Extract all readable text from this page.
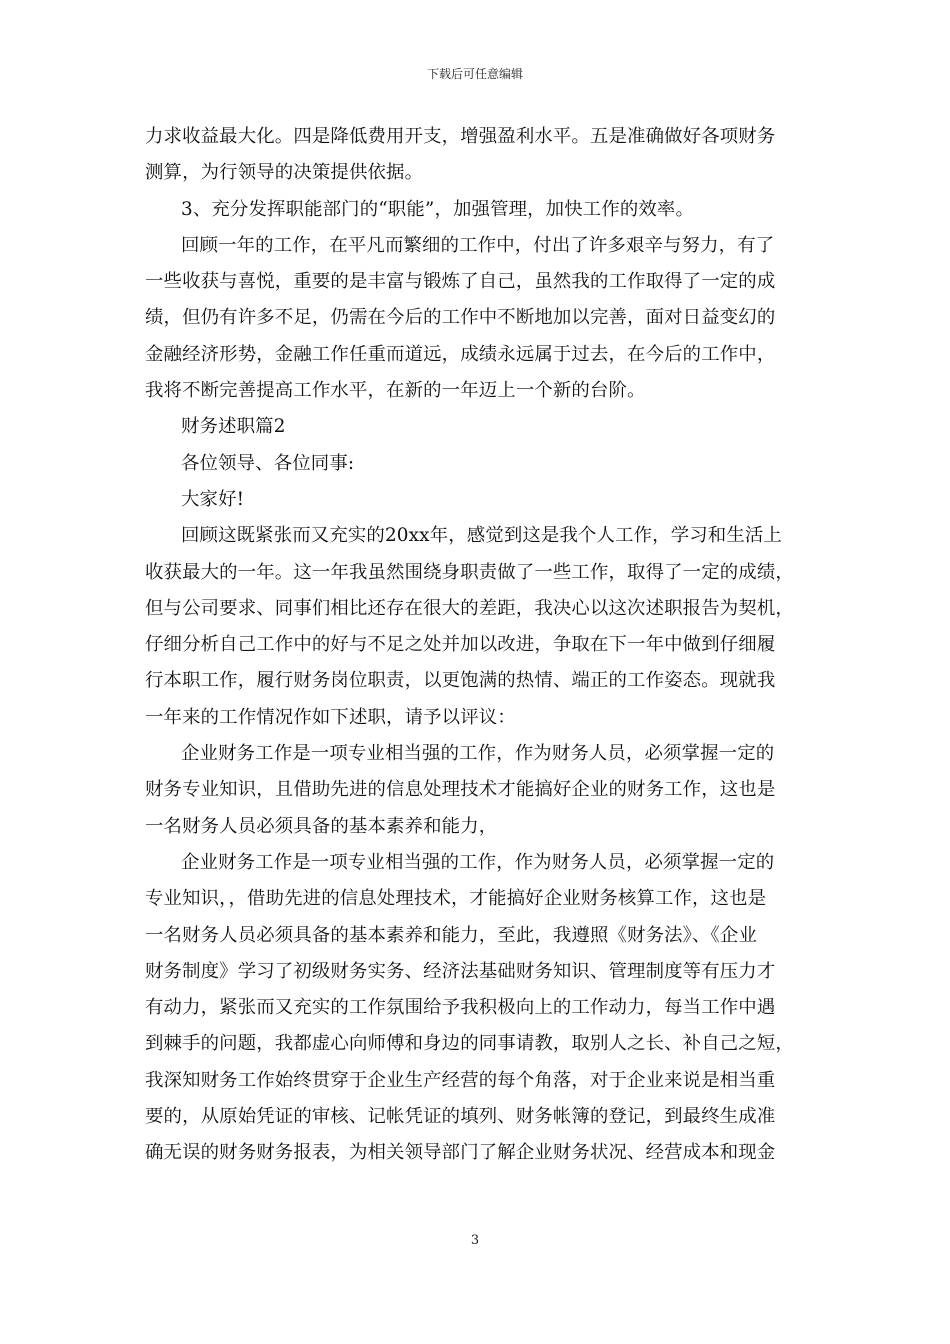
下载后可任意编辑
力求收益最大化。四是降低费用开支，增强盈利水平。五是准确做好各项财务
测算，为行领导的决策提供依据。
3、充分发挥职能部门的“职能”，加强管理，加快工作的效率。
回顾一年的工作，在平凡而繁细的工作中，付出了许多艰辛与努力，有了
一些收获与喜悦，重要的是丰富与锻炼了自己，虽然我的工作取得了一定的成
绩，但仍有许多不足，仍需在今后的工作中不断地加以完善，面对日益变幻的
金融经济形势，金融工作任重而道远，成绩永远属于过去，在今后的工作中，
我将不断完善提高工作水平，在新的一年迈上一个新的台阶。
财务述职篇2
各位领导、各位同事:
大家好!
回顾这既紧张而又充实的20xx年，感觉到这是我个人工作，学习和生活上
收获最大的一年。这一年我虽然围绕身职责做了一些工作，取得了一定的成绩，
但与公司要求、同事们相比还存在很大的差距，我决心以这次述职报告为契机，
仔细分析自己工作中的好与不足之处并加以改进，争取在下一年中做到仔细履
行本职工作，履行财务岗位职责，以更饱满的热情、端正的工作姿态。现就我
一年来的工作情况作如下述职，请予以评议：
企业财务工作是一项专业相当强的工作，作为财务人员，必须掌握一定的
财务专业知识，且借助先进的信息处理技术才能搞好企业的财务工作，这也是
一名财务人员必须具备的基本素养和能力，
企业财务工作是一项专业相当强的工作，作为财务人员，必须掌握一定的
专业知识，，借助先进的信息处理技术，才能搞好企业财务核算工作，这也是
一名财务人员必须具备的基本素养和能力，至此，我遵照《财务法》、《企业
财务制度》学习了初级财务实务、经济法基础财务知识、管理制度等有压力才
有动力，紧张而又充实的工作氛围给予我积极向上的工作动力，每当工作中遇
到棘手的问题，我都虚心向师傅和身边的同事请教，取别人之长、补自己之短，
我深知财务工作始终贯穿于企业生产经营的每个角落，对于企业来说是相当重
要的，从原始凭证的审核、记帐凭证的填列、财务帐簿的登记，到最终生成准
确无误的财务财务报表，为相关领导部门了解企业财务状况、经营成本和现金
3
